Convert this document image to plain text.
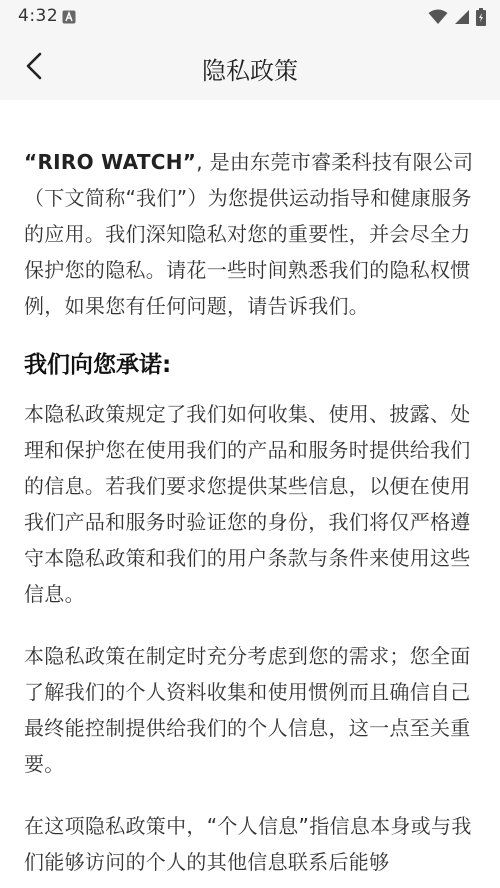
4:32
隐私政策

“RIRO WATCH”, 是由东莞市睿柔科技有限公司（下文简称“我们”）为您提供运动指导和健康服务的应用。我们深知隐私对您的重要性，并会尽全力保护您的隐私。请花一些时间熟悉我们的隐私权惯例，如果您有任何问题，请告诉我们。

我们向您承诺:

本隐私政策规定了我们如何收集、使用、披露、处理和保护您在使用我们的产品和服务时提供给我们的信息。若我们要求您提供某些信息，以便在使用我们产品和服务时验证您的身份，我们将仅严格遵守本隐私政策和我们的用户条款与条件来使用这些信息。

本隐私政策在制定时充分考虑到您的需求；您全面了解我们的个人资料收集和使用惯例而且确信自己最终能控制提供给我们的个人信息，这一点至关重要。

在这项隐私政策中，“个人信息”指信息本身或与我们能够访问的个人的其他信息联系后能够
